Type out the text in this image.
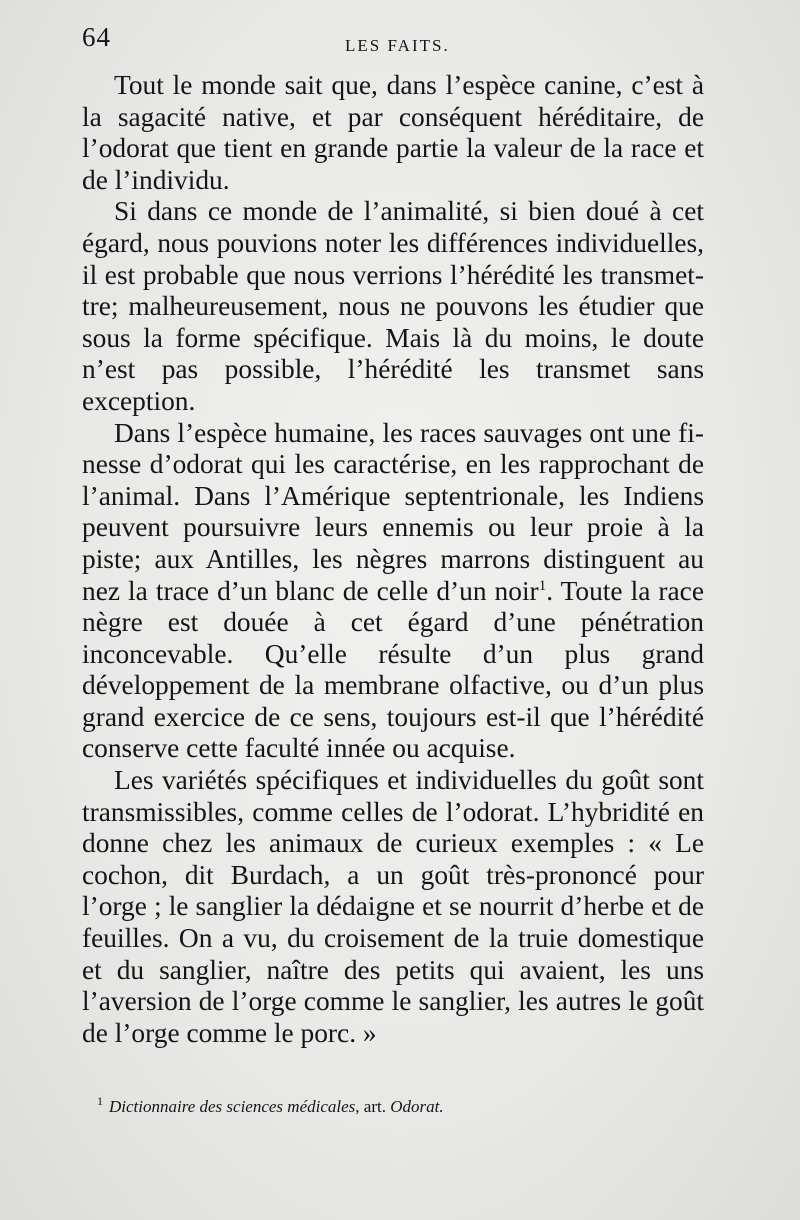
64	LES FAITS.

Tout le monde sait que, dans l’espèce canine, c’est à la sagacité native, et par conséquent héréditaire, de l’odorat que tient en grande partie la valeur de la race et de l’individu.

Si dans ce monde de l’animalité, si bien doué à cet égard, nous pouvions noter les différences individuelles, il est probable que nous verrions l’hérédité les transmettre; malheureusement, nous ne pouvons les étudier que sous la forme spécifique. Mais là du moins, le doute n’est pas possible, l’hérédité les transmet sans exception.

Dans l’espèce humaine, les races sauvages ont une finesse d’odorat qui les caractérise, en les rapprochant de l’animal. Dans l’Amérique septentrionale, les Indiens peuvent poursuivre leurs ennemis ou leur proie à la piste; aux Antilles, les nègres marrons distinguent au nez la trace d’un blanc de celle d’un noir$^1$. Toute la race nègre est douée à cet égard d’une pénétration inconcevable. Qu’elle résulte d’un plus grand développement de la membrane olfactive, ou d’un plus grand exercice de ce sens, toujours est-il que l’hérédité conserve cette faculté innée ou acquise.

Les variétés spécifiques et individuelles du goût sont transmissibles, comme celles de l’odorat. L’hybridité en donne chez les animaux de curieux exemples : « Le cochon, dit Burdach, a un goût très-prononcé pour l’orge ; le sanglier la dédaigne et se nourrit d’herbe et de feuilles. On a vu, du croisement de la truie domestique et du sanglier, naître des petits qui avaient, les uns l’aversion de l’orge comme le sanglier, les autres le goût de l’orge comme le porc. »

$^1$ Dictionnaire des sciences médicales, art. Odorat.
